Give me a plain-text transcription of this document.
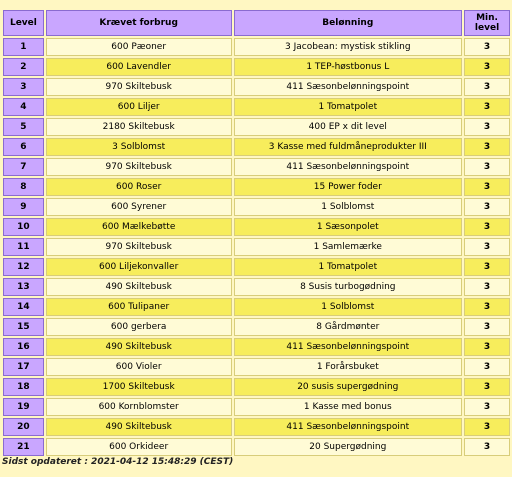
Level	Krævet forbrug	Belønning	Min.
level
1	600 Pæoner	3 Jacobean: mystisk stikling	3
2	600 Lavendler	1 TEP-høstbonus L	3
3	970 Skiltebusk	411 Sæsonbelønningspoint	3
4	600 Liljer	1 Tomatpolet	3
5	2180 Skiltebusk	400 EP x dit level	3
6	3 Solblomst	3 Kasse med fuldmåneprodukter III	3
7	970 Skiltebusk	411 Sæsonbelønningspoint	3
8	600 Roser	15 Power foder	3
9	600 Syrener	1 Solblomst	3
10	600 Mælkebøtte	1 Sæsonpolet	3
11	970 Skiltebusk	1 Samlemærke	3
12	600 Liljekonvaller	1 Tomatpolet	3
13	490 Skiltebusk	8 Susis turbogødning	3
14	600 Tulipaner	1 Solblomst	3
15	600 gerbera	8 Gårdmønter	3
16	490 Skiltebusk	411 Sæsonbelønningspoint	3
17	600 Violer	1 Forårsbuket	3
18	1700 Skiltebusk	20 susis supergødning	3
19	600 Kornblomster	1 Kasse med bonus	3
20	490 Skiltebusk	411 Sæsonbelønningspoint	3
21	600 Orkideer	20 Supergødning	3
Sidst opdateret : 2021-04-12 15:48:29 (CEST)
